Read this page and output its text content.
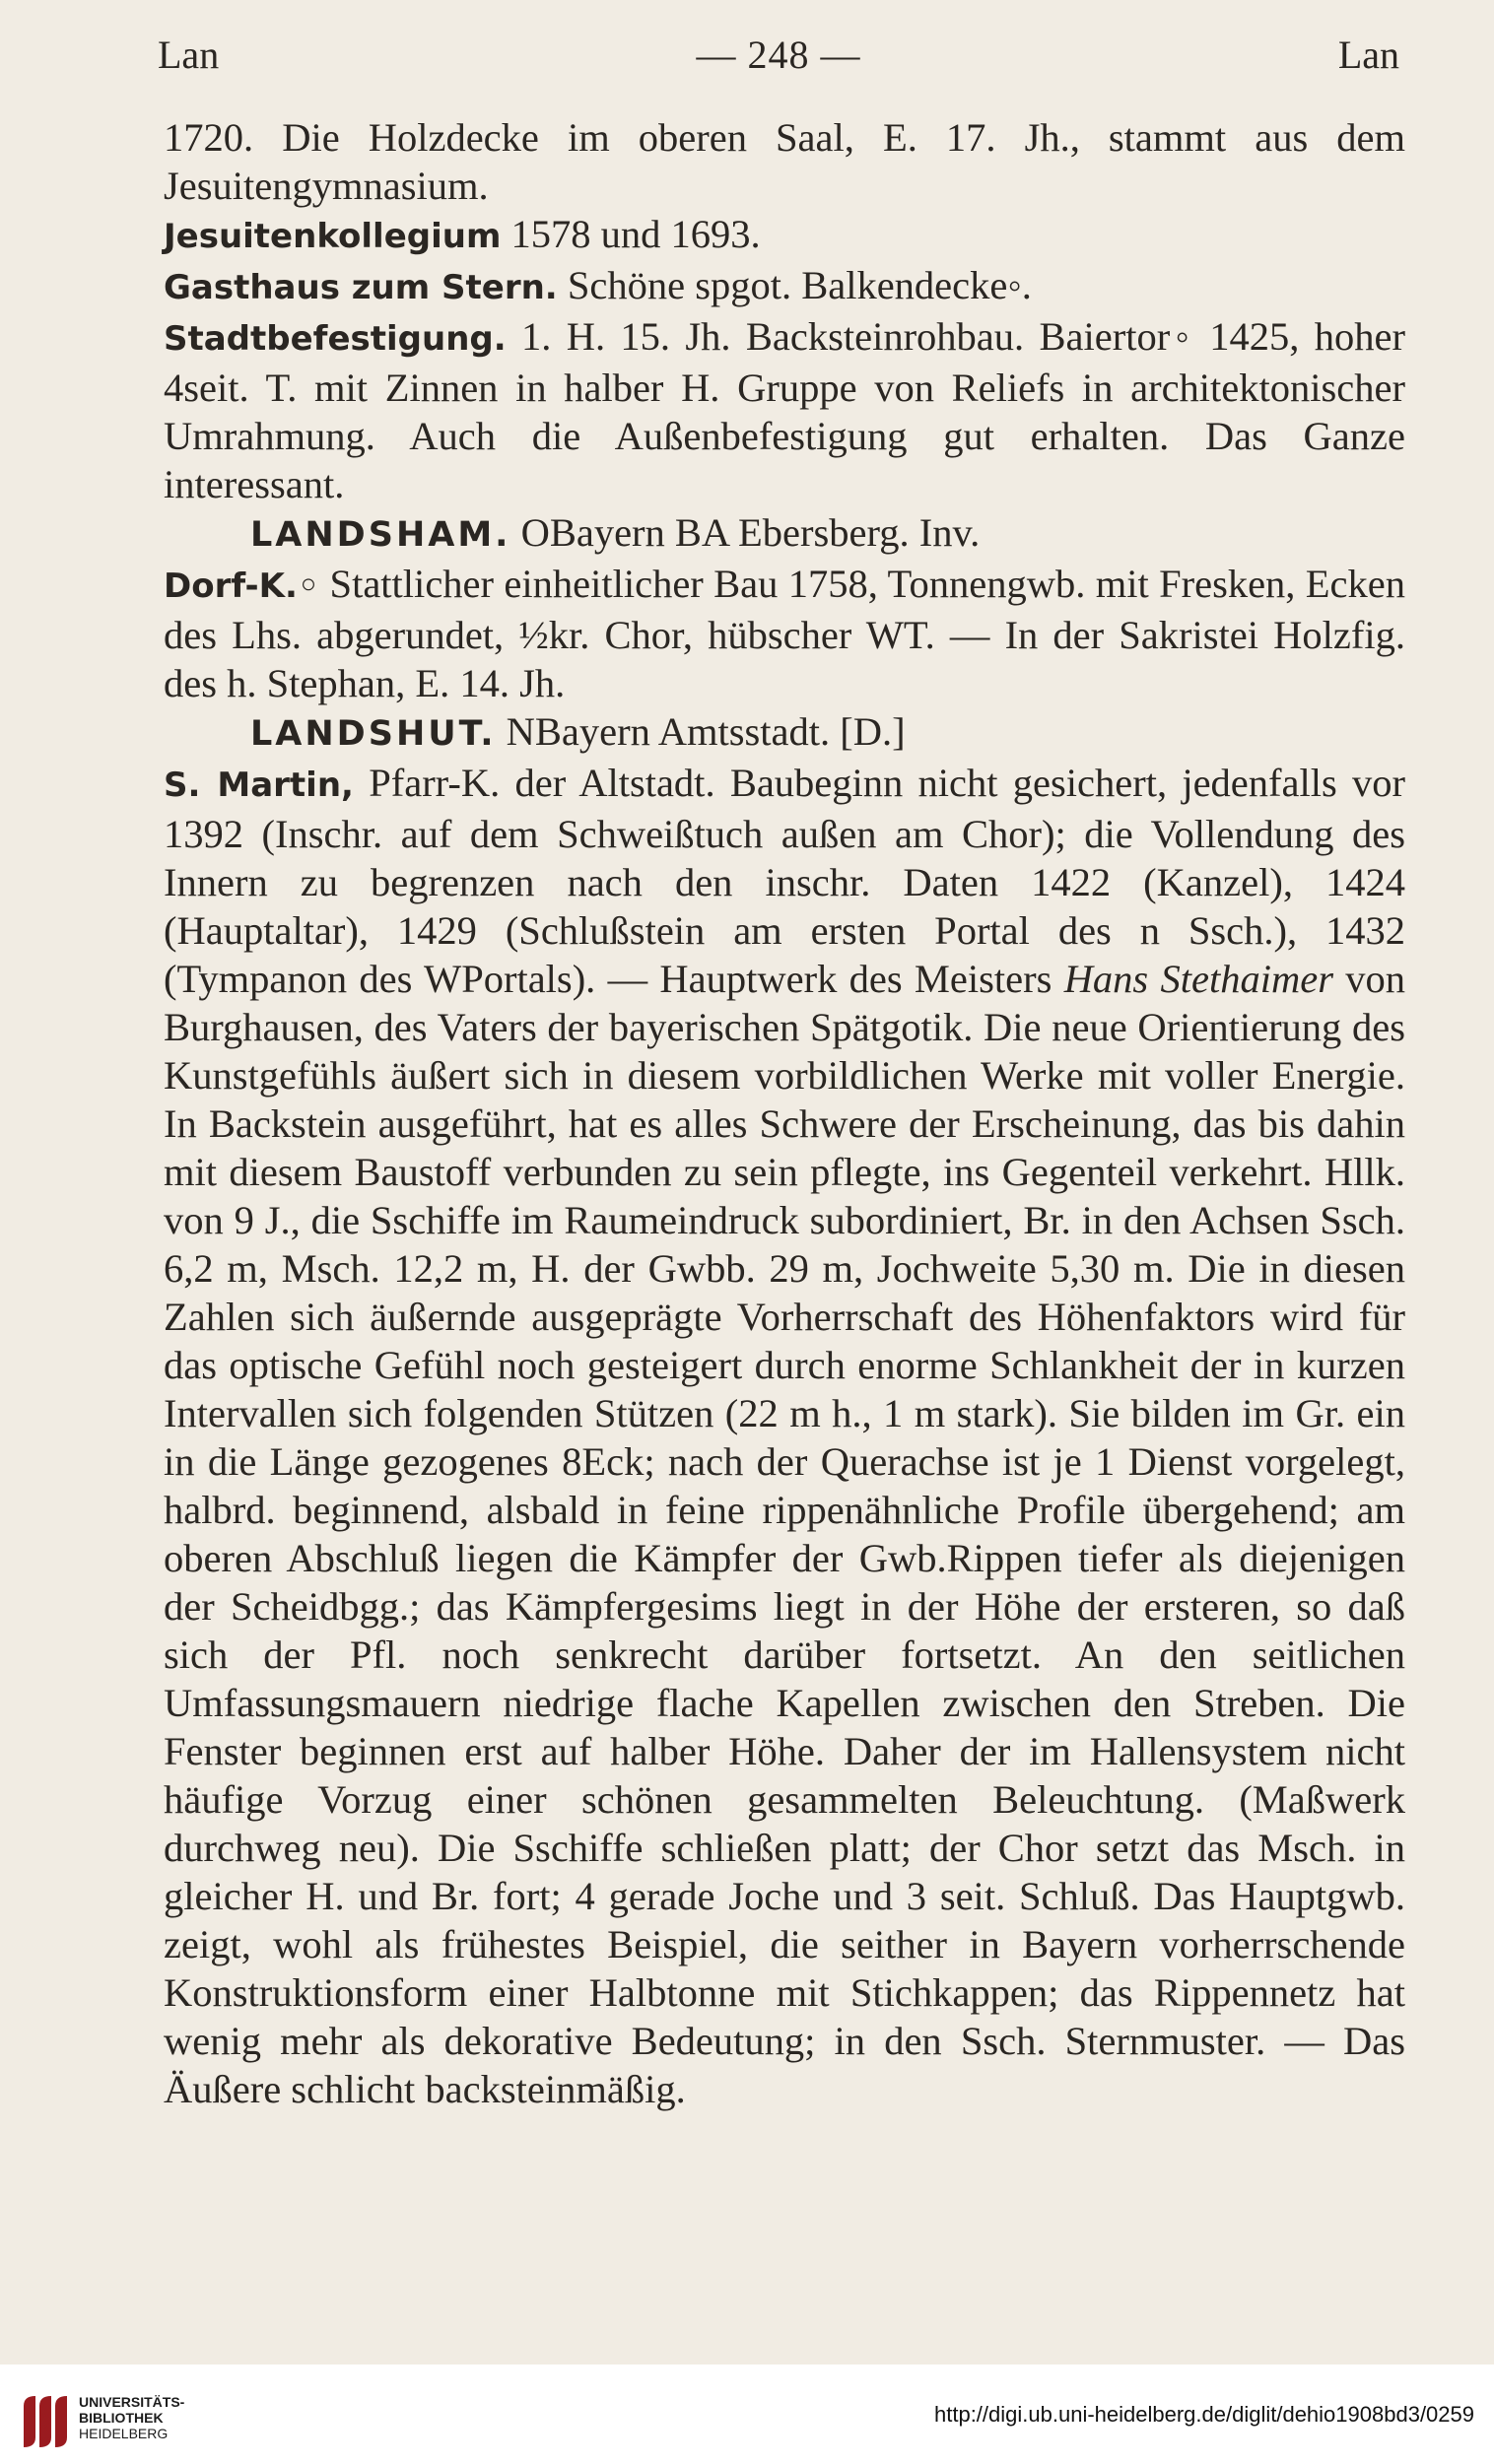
Lan	— 248 —	Lan

1720. Die Holzdecke im oberen Saal, E. 17. Jh., stammt aus dem Jesuitengymnasium.

Jesuitenkollegium 1578 und 1693.

Gasthaus zum Stern. Schöne spgot. Balkendecke◦.

Stadtbefestigung. 1. H. 15. Jh. Backsteinrohbau. Baiertor◦ 1425, hoher 4seit. T. mit Zinnen in halber H. Gruppe von Reliefs in architektonischer Umrahmung. Auch die Außenbefestigung gut erhalten. Das Ganze interessant.

LANDSHAM. OBayern BA Ebersberg. Inv.

Dorf-K.◦ Stattlicher einheitlicher Bau 1758, Tonnengwb. mit Fresken, Ecken des Lhs. abgerundet, ½kr. Chor, hübscher WT. — In der Sakristei Holzfig. des h. Stephan, E. 14. Jh.

LANDSHUT. NBayern Amtsstadt. [D.]

S. Martin, Pfarr-K. der Altstadt. Baubeginn nicht gesichert, jedenfalls vor 1392 (Inschr. auf dem Schweißtuch außen am Chor); die Vollendung des Innern zu begrenzen nach den inschr. Daten 1422 (Kanzel), 1424 (Hauptaltar), 1429 (Schlußstein am ersten Portal des n Ssch.), 1432 (Tympanon des WPortals). — Hauptwerk des Meisters Hans Stethaimer von Burghausen, des Vaters der bayerischen Spätgotik. Die neue Orientierung des Kunstgefühls äußert sich in diesem vorbildlichen Werke mit voller Energie. In Backstein ausgeführt, hat es alles Schwere der Erscheinung, das bis dahin mit diesem Baustoff verbunden zu sein pflegte, ins Gegenteil verkehrt. Hllk. von 9 J., die Sschiffe im Raumeindruck subordiniert, Br. in den Achsen Ssch. 6,2 m, Msch. 12,2 m, H. der Gwbb. 29 m, Jochweite 5,30 m. Die in diesen Zahlen sich äußernde ausgeprägte Vorherrschaft des Höhenfaktors wird für das optische Gefühl noch gesteigert durch enorme Schlankheit der in kurzen Intervallen sich folgenden Stützen (22 m h., 1 m stark). Sie bilden im Gr. ein in die Länge gezogenes 8Eck; nach der Querachse ist je 1 Dienst vorgelegt, halbrd. beginnend, alsbald in feine rippenähnliche Profile übergehend; am oberen Abschluß liegen die Kämpfer der Gwb.Rippen tiefer als diejenigen der Scheidbgg.; das Kämpfergesims liegt in der Höhe der ersteren, so daß sich der Pfl. noch senkrecht darüber fortsetzt. An den seitlichen Umfassungsmauern niedrige flache Kapellen zwischen den Streben. Die Fenster beginnen erst auf halber Höhe. Daher der im Hallensystem nicht häufige Vorzug einer schönen gesammelten Beleuchtung. (Maßwerk durchweg neu). Die Sschiffe schließen platt; der Chor setzt das Msch. in gleicher H. und Br. fort; 4 gerade Joche und 3 seit. Schluß. Das Hauptgwb. zeigt, wohl als frühestes Beispiel, die seither in Bayern vorherrschende Konstruktionsform einer Halbtonne mit Stichkappen; das Rippennetz hat wenig mehr als dekorative Bedeutung; in den Ssch. Sternmuster. — Das Äußere schlicht backsteinmäßig.

UNIVERSITÄTS-
BIBLIOTHEK
HEIDELBERG
http://digi.ub.uni-heidelberg.de/diglit/dehio1908bd3/0259
